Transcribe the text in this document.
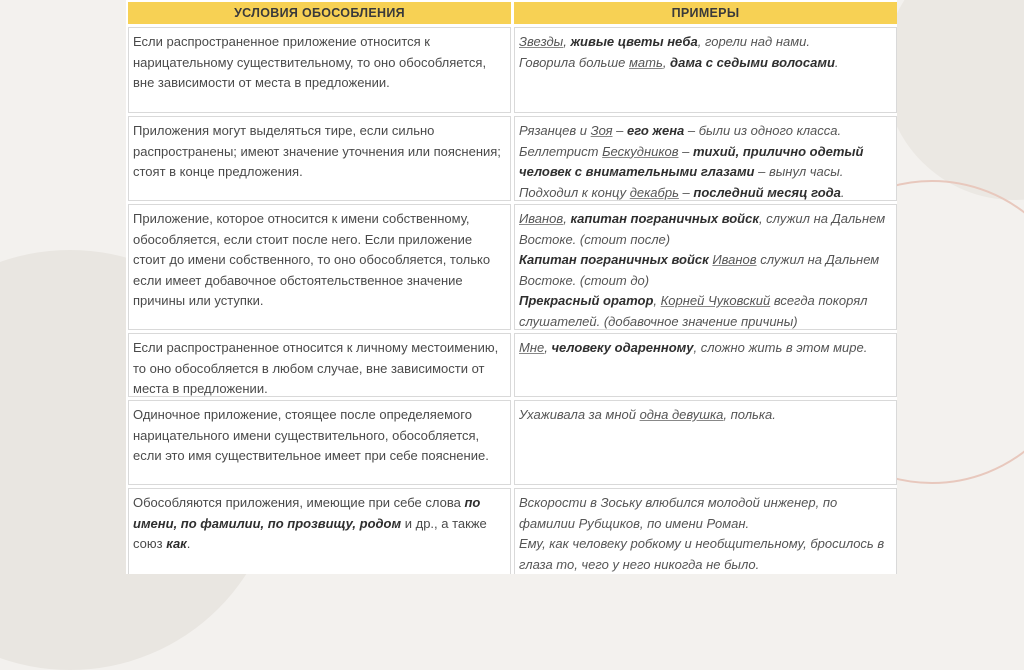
УСЛОВИЯ ОБОСОБЛЕНИЯ	ПРИМЕРЫ
Если распространенное приложение относится к нарицательному существительному, то оно обособляется, вне зависимости от места в предложении.
Звезды, живые цветы неба, горели над нами.
Говорила больше мать, дама с седыми волосами.
Приложения могут выделяться тире, если сильно распространены; имеют значение уточнения или пояснения; стоят в конце предложения.
Рязанцев и Зоя – его жена – были из одного класса.
Беллетрист Бескудников – тихий, прилично одетый человек с внимательными глазами – вынул часы.
Подходил к концу декабрь – последний месяц года.
Приложение, которое относится к имени собственному, обособляется, если стоит после него. Если приложение стоит до имени собственного, то оно обособляется, только если имеет добавочное обстоятельственное значение причины или уступки.
Иванов, капитан пограничных войск, служил на Дальнем Востоке. (стоит после)
Капитан пограничных войск Иванов служил на Дальнем Востоке. (стоит до)
Прекрасный оратор, Корней Чуковский всегда покорял слушателей. (добавочное значение причины)
Если распространенное относится к личному местоимению, то оно обособляется в любом случае, вне зависимости от места в предложении.
Мне, человеку одаренному, сложно жить в этом мире.
Одиночное приложение, стоящее после определяемого нарицательного имени существительного, обособляется, если это имя существительное имеет при себе пояснение.
Ухаживала за мной одна девушка, полька.
Обособляются приложения, имеющие при себе слова по имени, по фамилии, по прозвищу, родом и др., а также союз как.
Вскорости в Зоську влюбился молодой инженер, по фамилии Рубщиков, по имени Роман.
Ему, как человеку робкому и необщительному, бросилось в глаза то, чего у него никогда не было.
